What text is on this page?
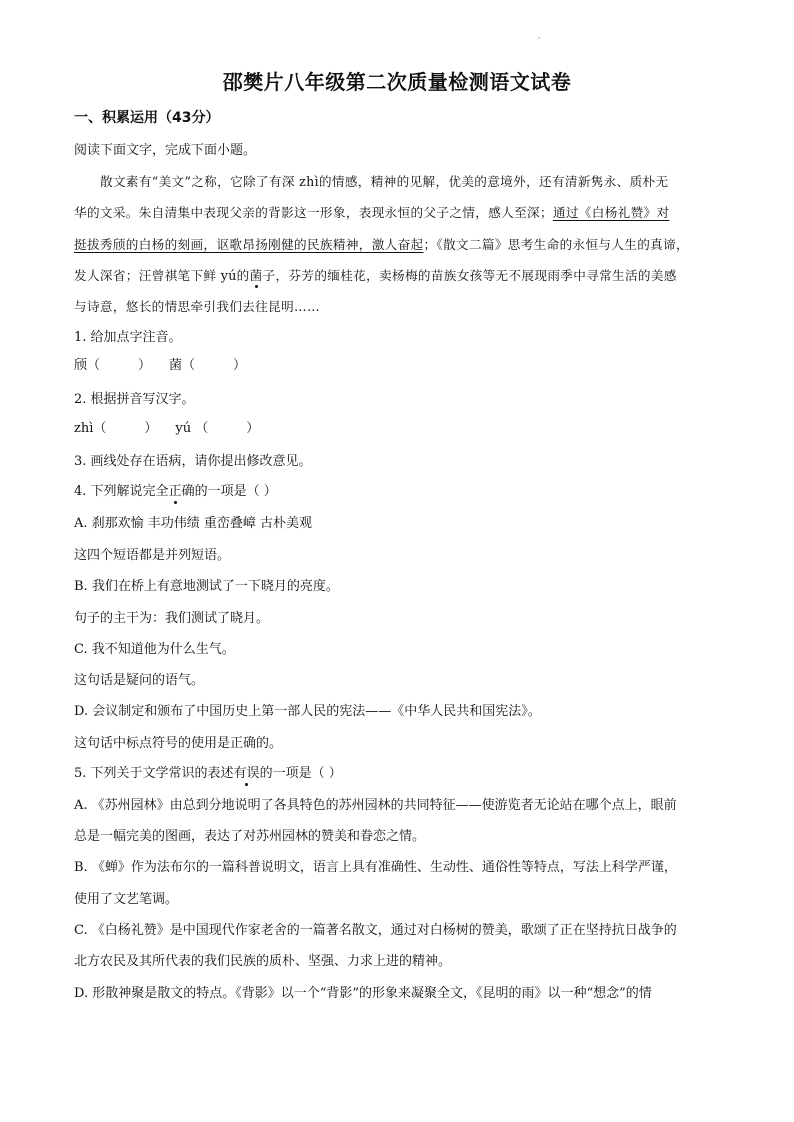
·
邵樊片八年级第二次质量检测语文试卷
一、积累运用（43分）
阅读下面文字，完成下面小题。
散文素有“美文”之称，它除了有深 zhì的情感，精神的见解，优美的意境外，还有清新隽永、质朴无
华的文采。朱自清集中表现父亲的背影这一形象，表现永恒的父子之情，感人至深；通过《白杨礼赞》对
挺拔秀颀的白杨的刻画，讴歌昂扬刚健的民族精神，激人奋起；《散文二篇》思考生命的永恒与人生的真谛，
发人深省；汪曾祺笔下鲜 yú的菌子，芬芳的缅桂花，卖杨梅的苗族女孩等无不展现雨季中寻常生活的美感
与诗意，悠长的情思牵引我们去往昆明……
1. 给加点字注音。
颀（	） 菌（	）
2. 根据拼音写汉字。
zhì（	） yú （	）
3. 画线处存在语病，请你提出修改意见。
4. 下列解说完全正确的一项是（ ）
A. 刹那欢愉 丰功伟绩 重峦叠嶂 古朴美观
这四个短语都是并列短语。
B. 我们在桥上有意地测试了一下晓月的亮度。
句子的主干为：我们测试了晓月。
C. 我不知道他为什么生气。
这句话是疑问的语气。
D. 会议制定和颁布了中国历史上第一部人民的宪法——《中华人民共和国宪法》。
这句话中标点符号的使用是正确的。
5. 下列关于文学常识的表述有误的一项是（ ）
A. 《苏州园林》由总到分地说明了各具特色的苏州园林的共同特征——使游览者无论站在哪个点上，眼前
总是一幅完美的图画，表达了对苏州园林的赞美和眷恋之情。
B. 《蝉》作为法布尔的一篇科普说明文，语言上具有准确性、生动性、通俗性等特点，写法上科学严谨，
使用了文艺笔调。
C. 《白杨礼赞》是中国现代作家老舍的一篇著名散文，通过对白杨树的赞美，歌颂了正在坚持抗日战争的
北方农民及其所代表的我们民族的质朴、坚强、力求上进的精神。
D. 形散神聚是散文的特点。《背影》以一个“背影”的形象来凝聚全文，《昆明的雨》以一种“想念”的情
